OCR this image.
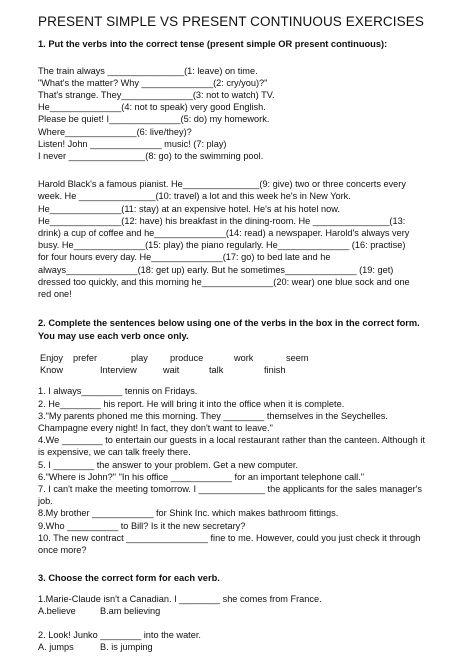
PRESENT SIMPLE VS PRESENT CONTINUOUS EXERCISES
1. Put the verbs into the correct tense (present simple OR present continuous):

The train always _______________(1: leave) on time.

"What's the matter? Why ______________(2: cry/you)?"

That's strange. They______________(3: not to watch) TV.

He______________(4: not to speak) very good English.

Please be quiet! I______________(5: do) my homework.

Where______________(6: live/they)?

Listen! John ______________ music! (7: play)

I never _______________(8: go) to the swimming pool.

Harold Black's a famous pianist. He_______________(9: give) two or three concerts every

week. He _______________(10: travel) a lot and this week he's in New York.

He______________(11: stay) at an expensive hotel. He's at his hotel now.

He______________(12: have) his breakfast in the dining-room. He _______________(13:

drink) a cup of coffee and he______________(14: read) a newspaper. Harold's always very

busy. He______________(15: play) the piano regularly. He______________ (16: practise)

for four hours every day. He______________(17: go) to bed late and he

always______________(18: get up) early. But he sometimes______________ (19: get)

dressed too quickly, and this morning he______________(20: wear) one blue sock and one

red one!

2. Complete the sentences below using one of the verbs in the box in the correct form.
You may use each verb once only.
Enjoy prefer	play produce	work	seem
Know	Interview	wait	talk	finish

1. I always________ tennis on Fridays.

2. He________ his report. He will bring it into the office when it is complete.

3."My parents phoned me this morning. They ________ themselves in the Seychelles.

Champagne every night! In fact, they don't want to leave."

4.We ________ to entertain our guests in a local restaurant rather than the canteen. Although it

is expensive, we can talk freely there.

5. I ________ the answer to your problem. Get a new computer.

6."Where is John?" "In his office ____________ for an important telephone call."

7. I can't make the meeting tomorrow. I _____________ the applicants for the sales manager's

job.

8.My brother ____________ for Shink Inc. which makes bathroom fittings.

9.Who __________ to Bill? Is it the new secretary?

10. The new contract ________________ fine to me. However, could you just check it through

once more?

3. Choose the correct form for each verb.

1.Marie-Claude isn't a Canadian. I ________ she comes from France.

A.believe	B.am believing

2. Look! Junko ________ into the water.

A. jumps	B. is jumping
